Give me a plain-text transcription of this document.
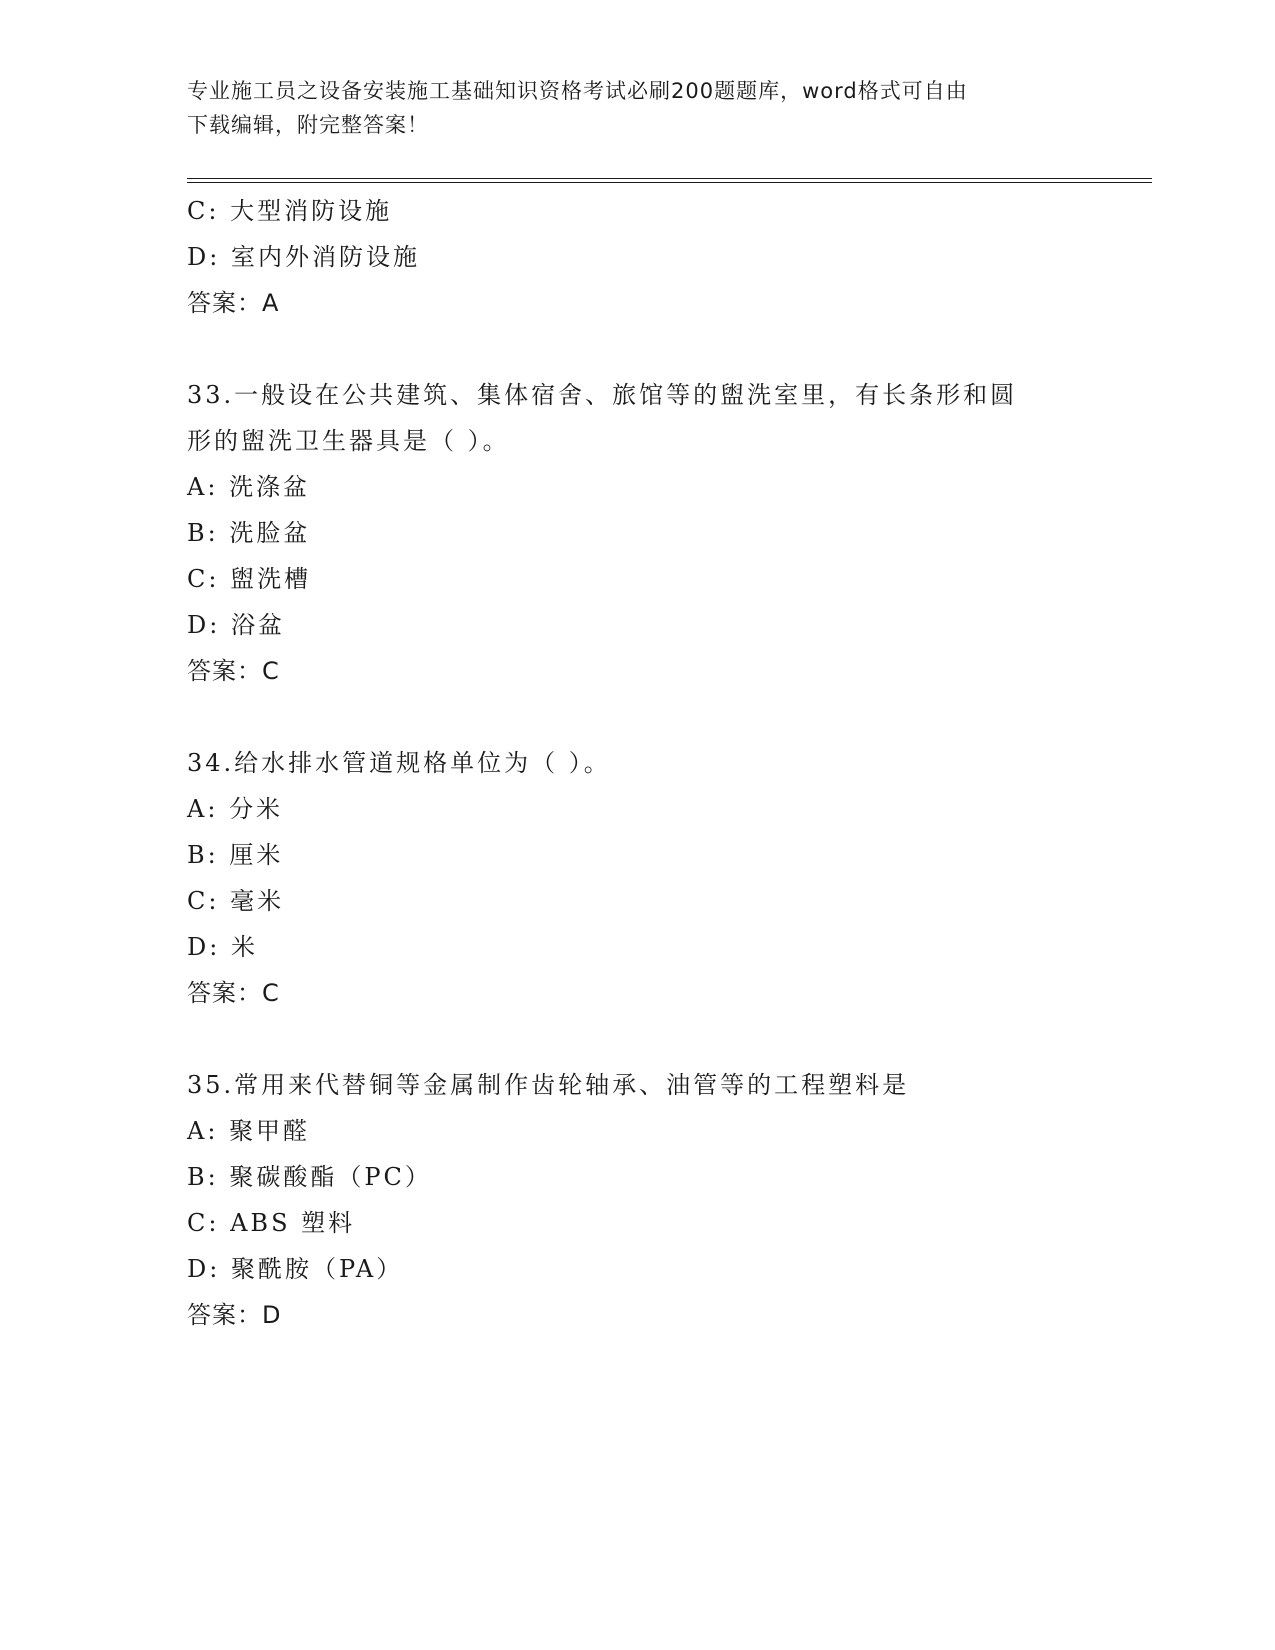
专业施工员之设备安装施工基础知识资格考试必刷200题题库，word格式可自由
下载编辑，附完整答案！
C: 大型消防设施
D: 室内外消防设施
答案：A
33.一般设在公共建筑、集体宿舍、旅馆等的盥洗室里，有长条形和圆
形的盥洗卫生器具是（ ）。
A: 洗涤盆
B: 洗脸盆
C: 盥洗槽
D: 浴盆
答案：C
34.给水排水管道规格单位为（ ）。
A: 分米
B: 厘米
C: 毫米
D: 米
答案：C
35.常用来代替铜等金属制作齿轮轴承、油管等的工程塑料是
A: 聚甲醛
B: 聚碳酸酯（PC）
C: ABS 塑料
D: 聚酰胺（PA）
答案：D
